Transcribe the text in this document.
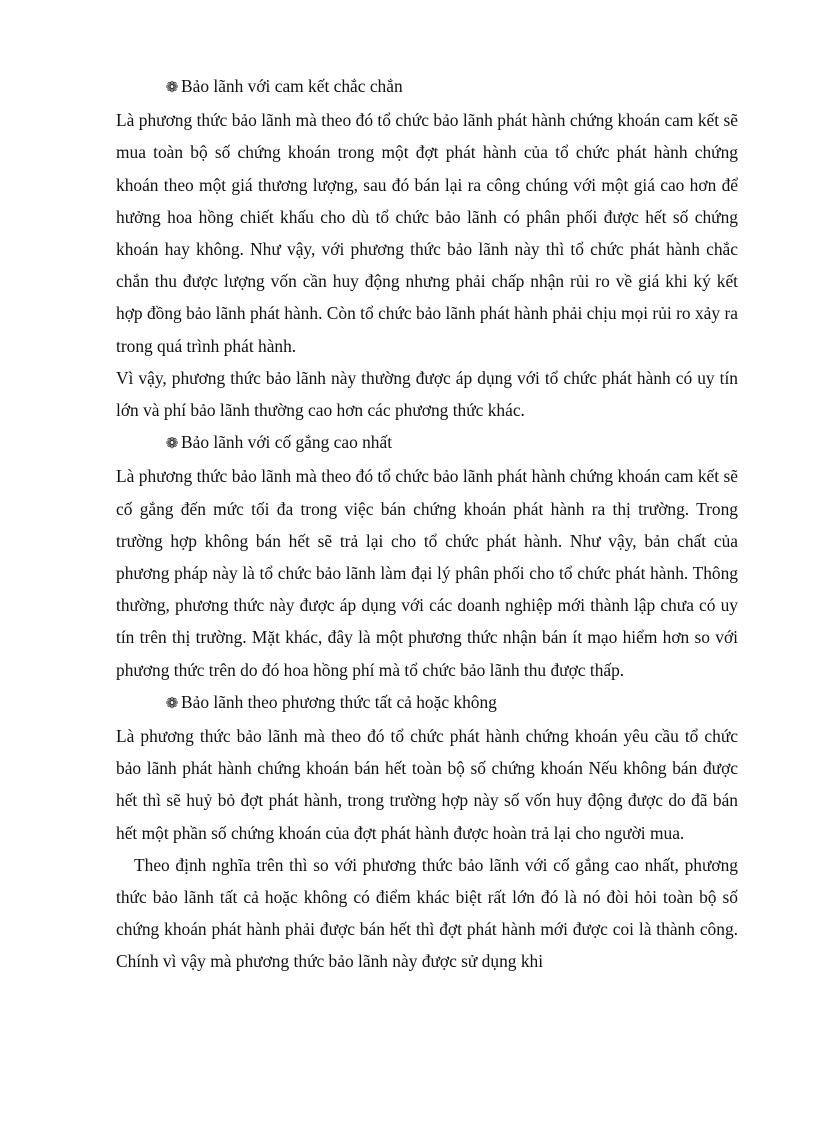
❁ Bảo lãnh với cam kết chắc chắn

Là phương thức bảo lãnh mà theo đó tổ chức bảo lãnh phát hành chứng khoán cam kết sẽ mua toàn bộ số chứng khoán trong một đợt phát hành của tổ chức phát hành chứng khoán theo một giá thương lượng, sau đó bán lại ra công chúng với một giá cao hơn để hưởng hoa hồng chiết khấu cho dù tổ chức bảo lãnh có phân phối được hết số chứng khoán hay không. Như vậy, với phương thức bảo lãnh này thì tổ chức phát hành chắc chắn thu được lượng vốn cần huy động nhưng phải chấp nhận rủi ro về giá khi ký kết hợp đồng bảo lãnh phát hành. Còn tổ chức bảo lãnh phát hành phải chịu mọi rủi ro xảy ra trong quá trình phát hành.

Vì vậy, phương thức bảo lãnh này thường được áp dụng với tổ chức phát hành có uy tín lớn và phí bảo lãnh thường cao hơn các phương thức khác.

❁ Bảo lãnh với cố gắng cao nhất

Là phương thức bảo lãnh mà theo đó tổ chức bảo lãnh phát hành chứng khoán cam kết sẽ cố gắng đến mức tối đa trong việc bán chứng khoán phát hành ra thị trường. Trong trường hợp không bán hết sẽ trả lại cho tổ chức phát hành. Như vậy, bản chất của phương pháp này là tổ chức bảo lãnh làm đại lý phân phối cho tổ chức phát hành. Thông thường, phương thức này được áp dụng với các doanh nghiệp mới thành lập chưa có uy tín trên thị trường. Mặt khác, đây là một phương thức nhận bán ít mạo hiểm hơn so với phương thức trên do đó hoa hồng phí mà tổ chức bảo lãnh thu được thấp.

❁ Bảo lãnh theo phương thức tất cả hoặc không

Là phương thức bảo lãnh mà theo đó tổ chức phát hành chứng khoán yêu cầu tổ chức bảo lãnh phát hành chứng khoán bán hết toàn bộ số chứng khoán Nếu không bán được hết thì sẽ huỷ bỏ đợt phát hành, trong trường hợp này số vốn huy động được do đã bán hết một phần số chứng khoán của đợt phát hành được hoàn trả lại cho người mua.

Theo định nghĩa trên thì so với phương thức bảo lãnh với cố gắng cao nhất, phương thức bảo lãnh tất cả hoặc không có điểm khác biệt rất lớn đó là nó đòi hỏi toàn bộ số chứng khoán phát hành phải được bán hết thì đợt phát hành mới được coi là thành công. Chính vì vậy mà phương thức bảo lãnh này được sử dụng khi
